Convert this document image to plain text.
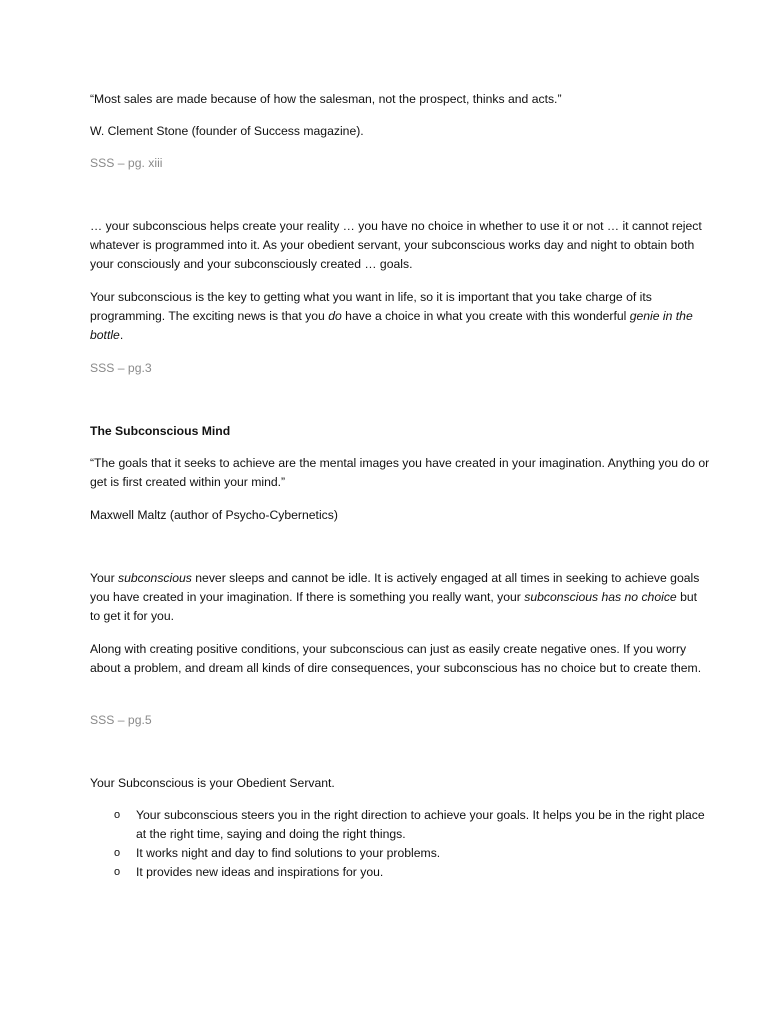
“Most sales are made because of how the salesman, not the prospect, thinks and acts.”

W. Clement Stone (founder of Success magazine).

SSS – pg. xiii

… your subconscious helps create your reality … you have no choice in whether to use it or not … it cannot reject whatever is programmed into it. As your obedient servant, your subconscious works day and night to obtain both your consciously and your subconsciously created … goals.

Your subconscious is the key to getting what you want in life, so it is important that you take charge of its programming. The exciting news is that you do have a choice in what you create with this wonderful genie in the bottle.

SSS – pg.3

The Subconscious Mind

“The goals that it seeks to achieve are the mental images you have created in your imagination. Anything you do or get is first created within your mind.”

Maxwell Maltz (author of Psycho-Cybernetics)

Your subconscious never sleeps and cannot be idle. It is actively engaged at all times in seeking to achieve goals you have created in your imagination. If there is something you really want, your subconscious has no choice but to get it for you.

Along with creating positive conditions, your subconscious can just as easily create negative ones. If you worry about a problem, and dream all kinds of dire consequences, your subconscious has no choice but to create them.

SSS – pg.5

Your Subconscious is your Obedient Servant.

o Your subconscious steers you in the right direction to achieve your goals. It helps you be in the right place at the right time, saying and doing the right things.
o It works night and day to find solutions to your problems.
o It provides new ideas and inspirations for you.
